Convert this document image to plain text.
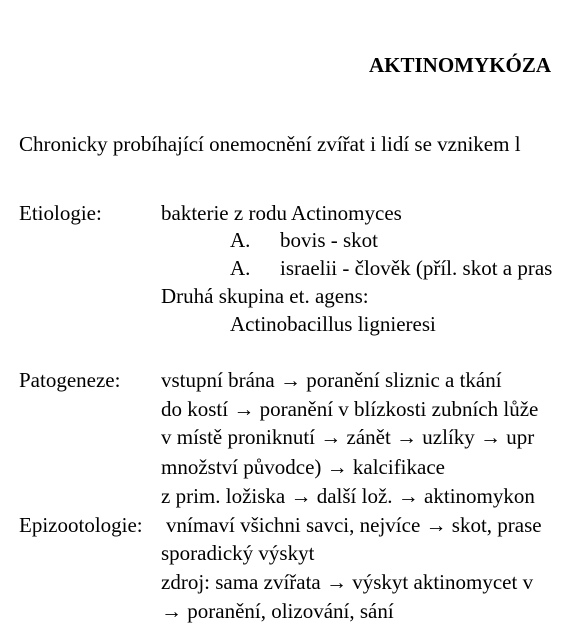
AKTINOMYKÓZA
Chronicky probíhající onemocnění zvířat i lidí se vznikem l
Etiologie:	bakterie z rodu Actinomyces
A. bovis - skot
A. israelii - člověk (příl. skot a pras
Druhá skupina et. agens:
Actinobacillus lignieresi
Patogeneze: vstupní brána → poranění sliznic a tkání
do kostí → poranění v blízkosti zubních lůže
v místě proniknutí → zánět → uzlíky → upr
množství původce) → kalcifikace
z prim. ložiska → další lož. → aktinomykon
Epizootologie: vnímaví všichni savci, nejvíce → skot, prase
sporadický výskyt
zdroj: sama zvířata → výskyt aktinomycet v
→ poranění, olizování, sání
